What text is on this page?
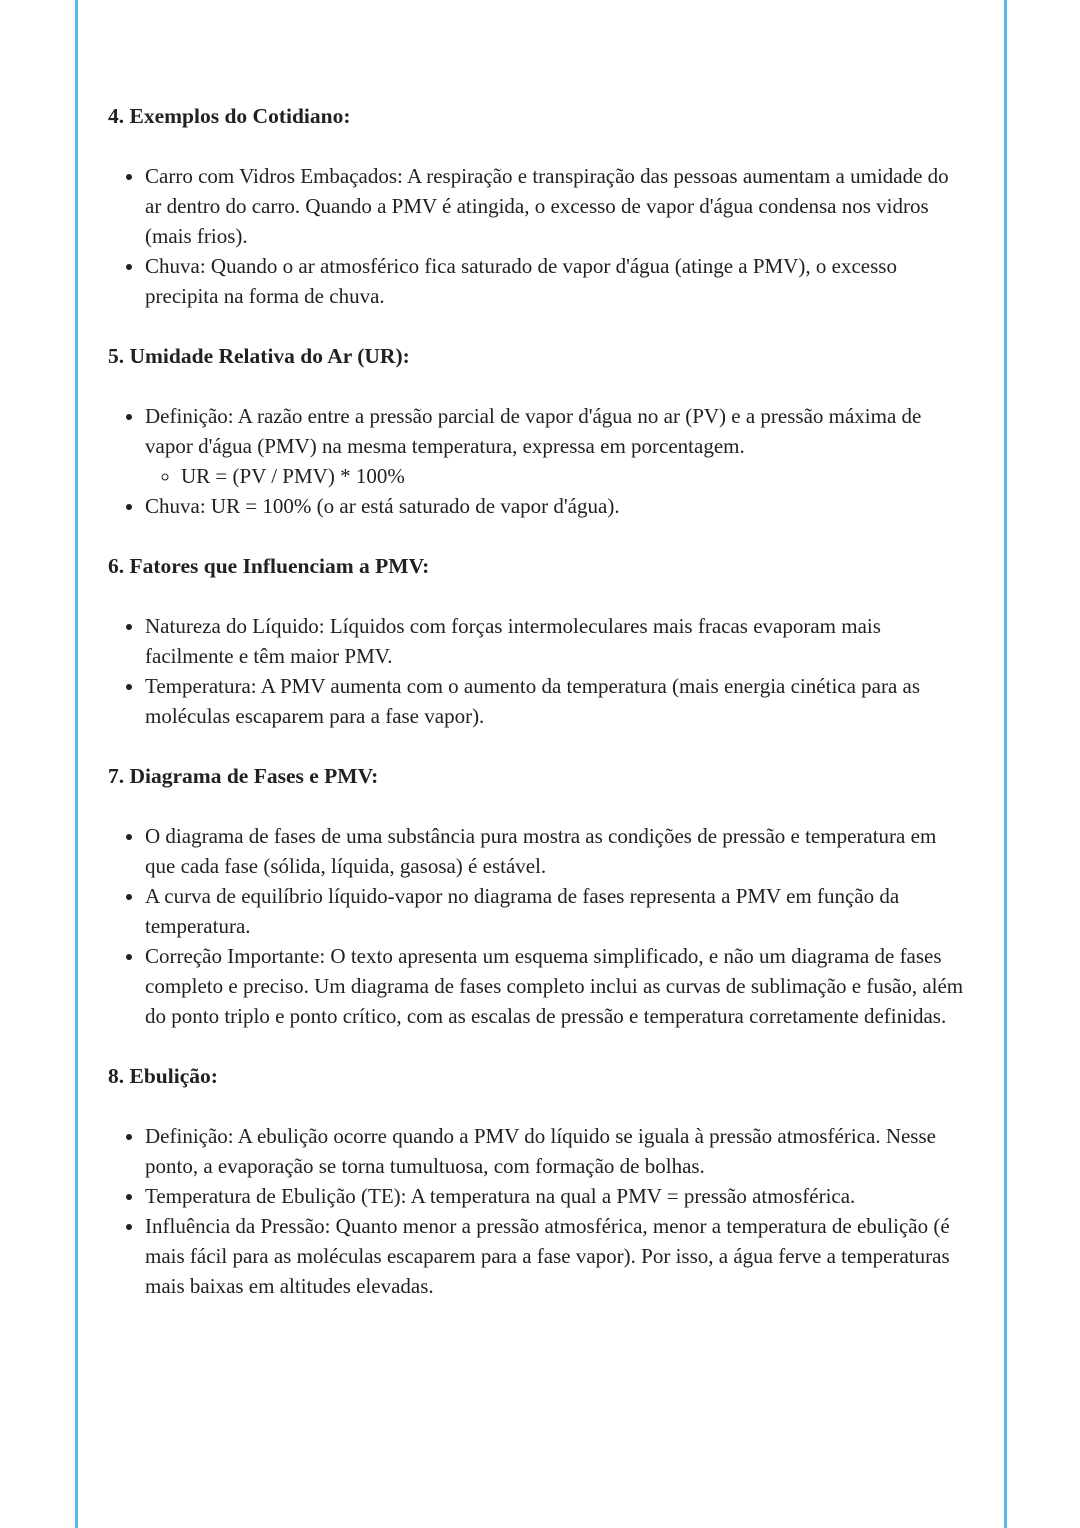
4. Exemplos do Cotidiano:
• Carro com Vidros Embaçados: A respiração e transpiração das pessoas aumentam a umidade do ar dentro do carro. Quando a PMV é atingida, o excesso de vapor d'água condensa nos vidros (mais frios).
• Chuva: Quando o ar atmosférico fica saturado de vapor d'água (atinge a PMV), o excesso precipita na forma de chuva.
5. Umidade Relativa do Ar (UR):
• Definição: A razão entre a pressão parcial de vapor d'água no ar (PV) e a pressão máxima de vapor d'água (PMV) na mesma temperatura, expressa em porcentagem.
◦ UR = (PV / PMV) * 100%
• Chuva: UR = 100% (o ar está saturado de vapor d'água).
6. Fatores que Influenciam a PMV:
• Natureza do Líquido: Líquidos com forças intermoleculares mais fracas evaporam mais facilmente e têm maior PMV.
• Temperatura: A PMV aumenta com o aumento da temperatura (mais energia cinética para as moléculas escaparem para a fase vapor).
7. Diagrama de Fases e PMV:
• O diagrama de fases de uma substância pura mostra as condições de pressão e temperatura em que cada fase (sólida, líquida, gasosa) é estável.
• A curva de equilíbrio líquido-vapor no diagrama de fases representa a PMV em função da temperatura.
• Correção Importante: O texto apresenta um esquema simplificado, e não um diagrama de fases completo e preciso. Um diagrama de fases completo inclui as curvas de sublimação e fusão, além do ponto triplo e ponto crítico, com as escalas de pressão e temperatura corretamente definidas.
8. Ebulição:
• Definição: A ebulição ocorre quando a PMV do líquido se iguala à pressão atmosférica. Nesse ponto, a evaporação se torna tumultuosa, com formação de bolhas.
• Temperatura de Ebulição (TE): A temperatura na qual a PMV = pressão atmosférica.
• Influência da Pressão: Quanto menor a pressão atmosférica, menor a temperatura de ebulição (é mais fácil para as moléculas escaparem para a fase vapor). Por isso, a água ferve a temperaturas mais baixas em altitudes elevadas.
